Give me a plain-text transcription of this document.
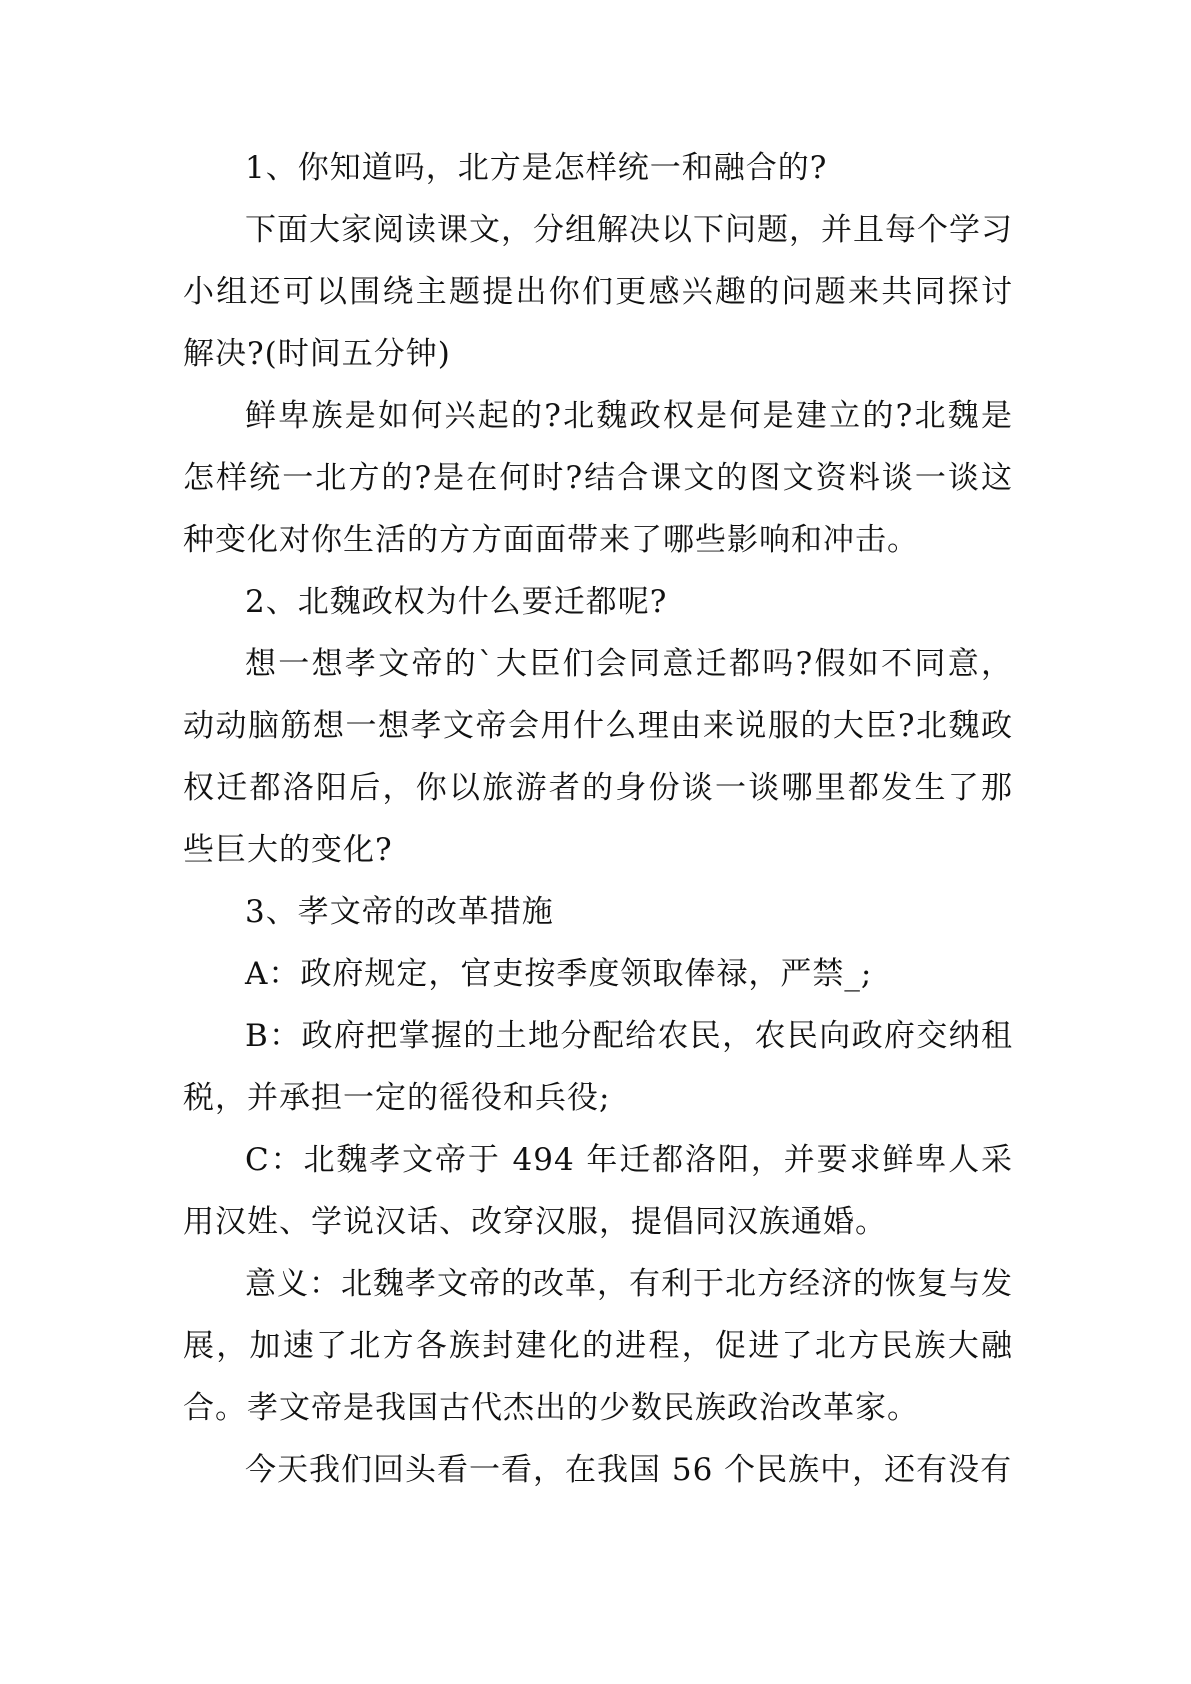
1、你知道吗，北方是怎样统一和融合的?

下面大家阅读课文，分组解决以下问题，并且每个学习小组还可以围绕主题提出你们更感兴趣的问题来共同探讨解决?(时间五分钟)

鲜卑族是如何兴起的?北魏政权是何是建立的?北魏是怎样统一北方的?是在何时?结合课文的图文资料谈一谈这种变化对你生活的方方面面带来了哪些影响和冲击。

2、北魏政权为什么要迁都呢?

想一想孝文帝的`大臣们会同意迁都吗?假如不同意，动动脑筋想一想孝文帝会用什么理由来说服的大臣?北魏政权迁都洛阳后，你以旅游者的身份谈一谈哪里都发生了那些巨大的变化?

3、孝文帝的改革措施

A：政府规定，官吏按季度领取俸禄，严禁_;

B：政府把掌握的土地分配给农民，农民向政府交纳租税，并承担一定的徭役和兵役;

C：北魏孝文帝于 494 年迁都洛阳，并要求鲜卑人采用汉姓、学说汉话、改穿汉服，提倡同汉族通婚。

意义：北魏孝文帝的改革，有利于北方经济的恢复与发展，加速了北方各族封建化的进程，促进了北方民族大融合。孝文帝是我国古代杰出的少数民族政治改革家。

今天我们回头看一看，在我国 56 个民族中，还有没有
